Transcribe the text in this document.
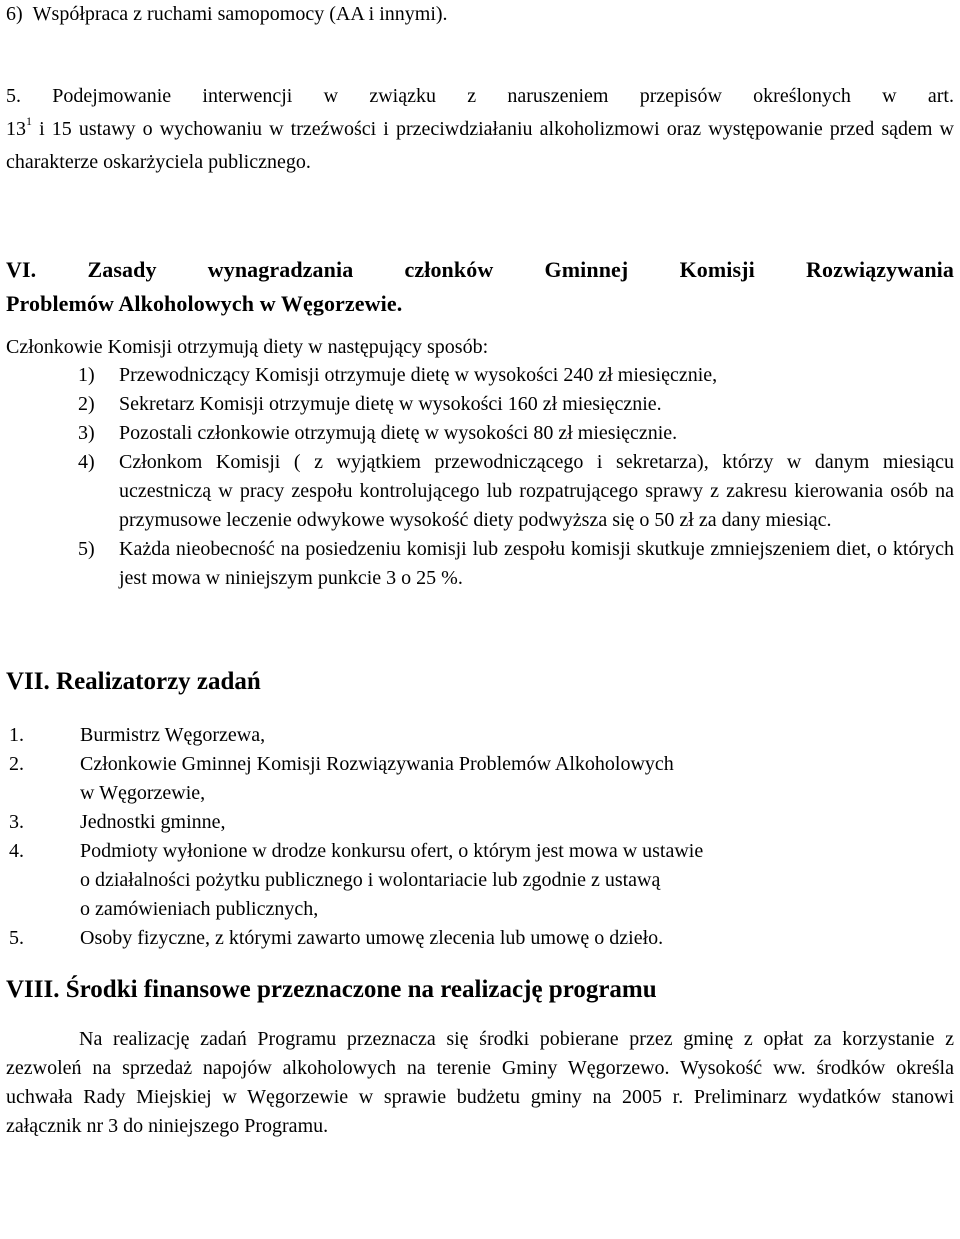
6)  Współpraca z ruchami samopomocy (AA i innymi).

5. Podejmowanie interwencji w związku z naruszeniem przepisów określonych w art.
$13^1$ i 15 ustawy o wychowaniu w trzeźwości i przeciwdziałaniu alkoholizmowi oraz występowanie przed sądem w charakterze oskarżyciela publicznego.

VI. Zasady wynagradzania członków Gminnej Komisji Rozwiązywania
Problemów Alkoholowych w Węgorzewie.

Członkowie Komisji otrzymują diety w następujący sposób:

1) Przewodniczący Komisji otrzymuje dietę w wysokości 240 zł miesięcznie,
2) Sekretarz Komisji otrzymuje dietę w wysokości 160 zł miesięcznie.
3) Pozostali członkowie otrzymują dietę w wysokości 80 zł miesięcznie.
4) Członkom Komisji ( z wyjątkiem przewodniczącego i sekretarza), którzy w danym miesiącu uczestniczą w pracy zespołu kontrolującego lub rozpatrującego sprawy z zakresu kierowania osób na przymusowe leczenie odwykowe wysokość diety podwyższa się o 50 zł za dany miesiąc.
5) Każda nieobecność na posiedzeniu komisji lub zespołu komisji skutkuje zmniejszeniem diet, o których jest mowa w niniejszym punkcie 3 o 25 %.
VII. Realizatorzy zadań
1.	Burmistrz Węgorzewa,
2.	Członkowie Gminnej Komisji Rozwiązywania Problemów Alkoholowych
w Węgorzewie,
3.	Jednostki gminne,
4.	Podmioty wyłonione w drodze konkursu ofert, o którym jest mowa w ustawie
o działalności pożytku publicznego i wolontariacie lub zgodnie z ustawą
o zamówieniach publicznych,
5.	Osoby fizyczne, z którymi zawarto umowę zlecenia lub umowę o dzieło.
VIII. Środki finansowe przeznaczone na realizację programu

Na realizację zadań Programu przeznacza się środki pobierane przez gminę z opłat za korzystanie z zezwoleń na sprzedaż napojów alkoholowych na terenie Gminy Węgorzewo. Wysokość ww. środków określa uchwała Rady Miejskiej w Węgorzewie w sprawie budżetu gminy na 2005 r. Preliminarz wydatków stanowi załącznik nr 3 do niniejszego Programu.
